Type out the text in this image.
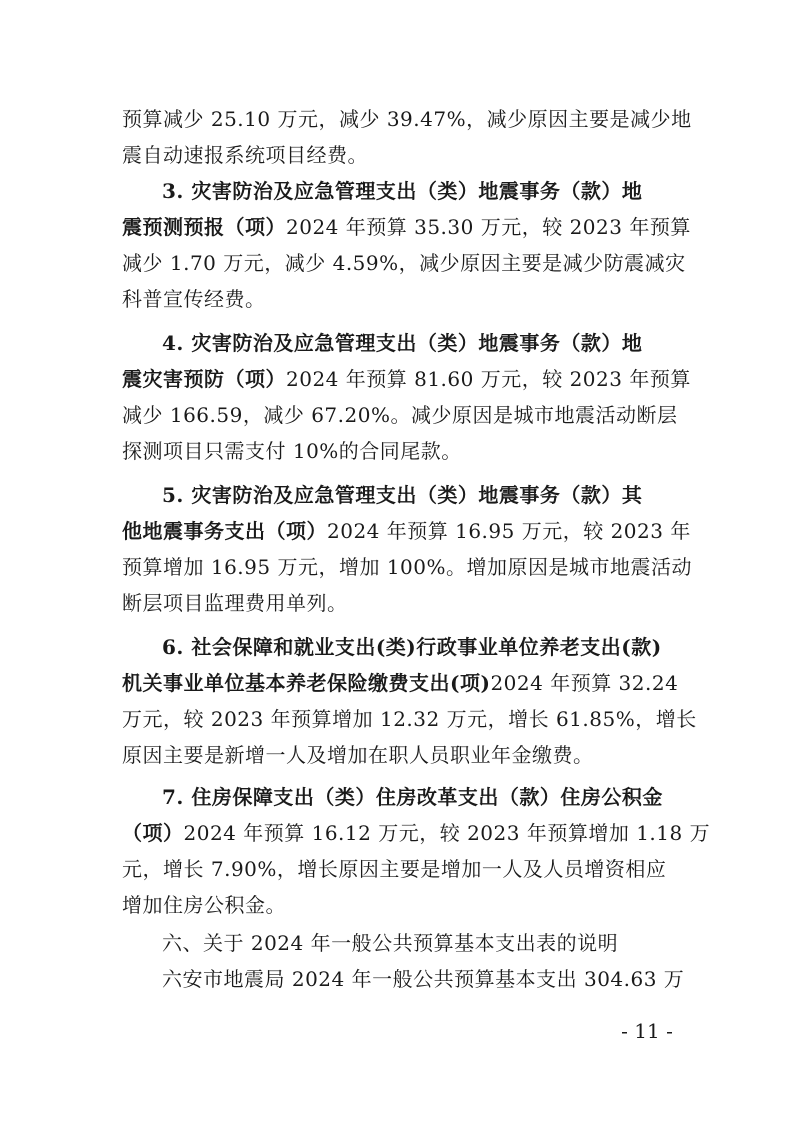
预算减少 25.10 万元，减少 39.47%，减少原因主要是减少地
震自动速报系统项目经费。
3. 灾害防治及应急管理支出（类）地震事务（款）地
震预测预报（项）2024 年预算 35.30 万元，较 2023 年预算
减少 1.70 万元，减少 4.59%，减少原因主要是减少防震减灾
科普宣传经费。
4. 灾害防治及应急管理支出（类）地震事务（款）地
震灾害预防（项）2024 年预算 81.60 万元，较 2023 年预算
减少 166.59，减少 67.20%。减少原因是城市地震活动断层
探测项目只需支付 10%的合同尾款。
5. 灾害防治及应急管理支出（类）地震事务（款）其
他地震事务支出（项）2024 年预算 16.95 万元，较 2023 年
预算增加 16.95 万元，增加 100%。增加原因是城市地震活动
断层项目监理费用单列。
6. 社会保障和就业支出(类)行政事业单位养老支出(款)
机关事业单位基本养老保险缴费支出(项)2024 年预算 32.24
万元，较 2023 年预算增加 12.32 万元，增长 61.85%，增长
原因主要是新增一人及增加在职人员职业年金缴费。
7. 住房保障支出（类）住房改革支出（款）住房公积金
（项）2024 年预算 16.12 万元，较 2023 年预算增加 1.18 万
元，增长 7.90%，增长原因主要是增加一人及人员增资相应
增加住房公积金。
六、关于 2024 年一般公共预算基本支出表的说明
六安市地震局 2024 年一般公共预算基本支出 304.63 万
- 11 -
